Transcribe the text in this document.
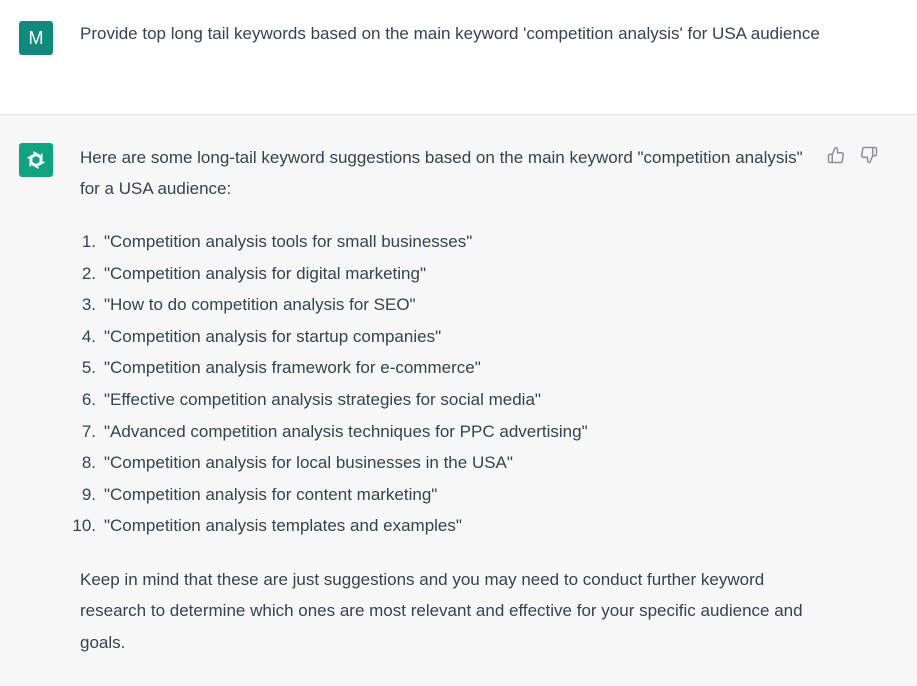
M	Provide top long tail keywords based on the main keyword 'competition analysis' for USA audience

Here are some long-tail keyword suggestions based on the main keyword "competition analysis" for a USA audience:

1. "Competition analysis tools for small businesses"
2. "Competition analysis for digital marketing"
3. "How to do competition analysis for SEO"
4. "Competition analysis for startup companies"
5. "Competition analysis framework for e-commerce"
6. "Effective competition analysis strategies for social media"
7. "Advanced competition analysis techniques for PPC advertising"
8. "Competition analysis for local businesses in the USA"
9. "Competition analysis for content marketing"
10. "Competition analysis templates and examples"

Keep in mind that these are just suggestions and you may need to conduct further keyword research to determine which ones are most relevant and effective for your specific audience and goals.
